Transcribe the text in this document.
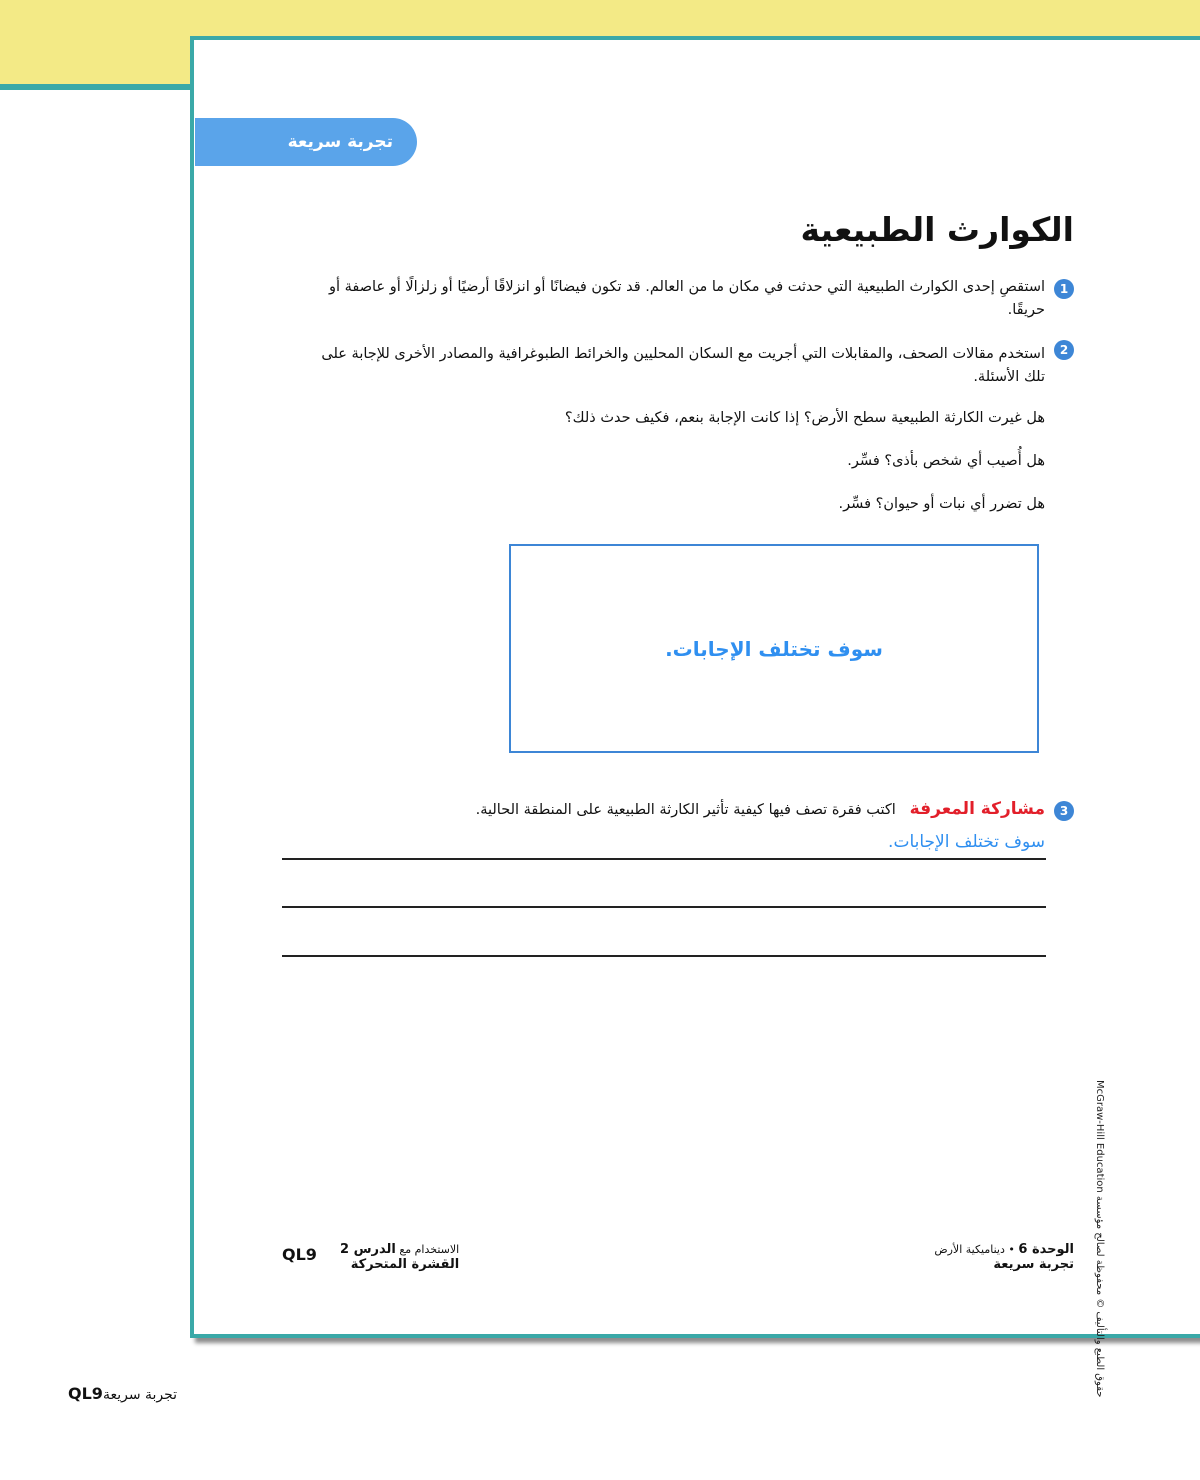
تجربة سريعة
الكوارث الطبيعية
1
استقصِ إحدى الكوارث الطبيعية التي حدثت في مكان ما من العالم. قد تكون فيضانًا أو انزلاقًا أرضيًا أو زلزالًا أو عاصفة أو حريقًا.
2
استخدم مقالات الصحف، والمقابلات التي أجريت مع السكان المحليين والخرائط الطبوغرافية والمصادر الأخرى للإجابة على تلك الأسئلة.
هل غيرت الكارثة الطبيعية سطح الأرض؟ إذا كانت الإجابة بنعم، فكيف حدث ذلك؟
هل أُصيب أي شخص بأذى؟ فسِّر.
هل تضرر أي نبات أو حيوان؟ فسِّر.
سوف تختلف الإجابات.
3
مشاركة المعرفة   اكتب فقرة تصف فيها كيفية تأثير الكارثة الطبيعية على المنطقة الحالية.
سوف تختلف الإجابات.
McGraw-Hill Education حقوق الطبع والتأليف © محفوظة لصالح مؤسسة
الوحدة 6 • ديناميكية الأرض
تجربة سريعة
الاستخدام مع الدرس 2
القشرة المتحركة
QL9
QL9تجربة سريعة
